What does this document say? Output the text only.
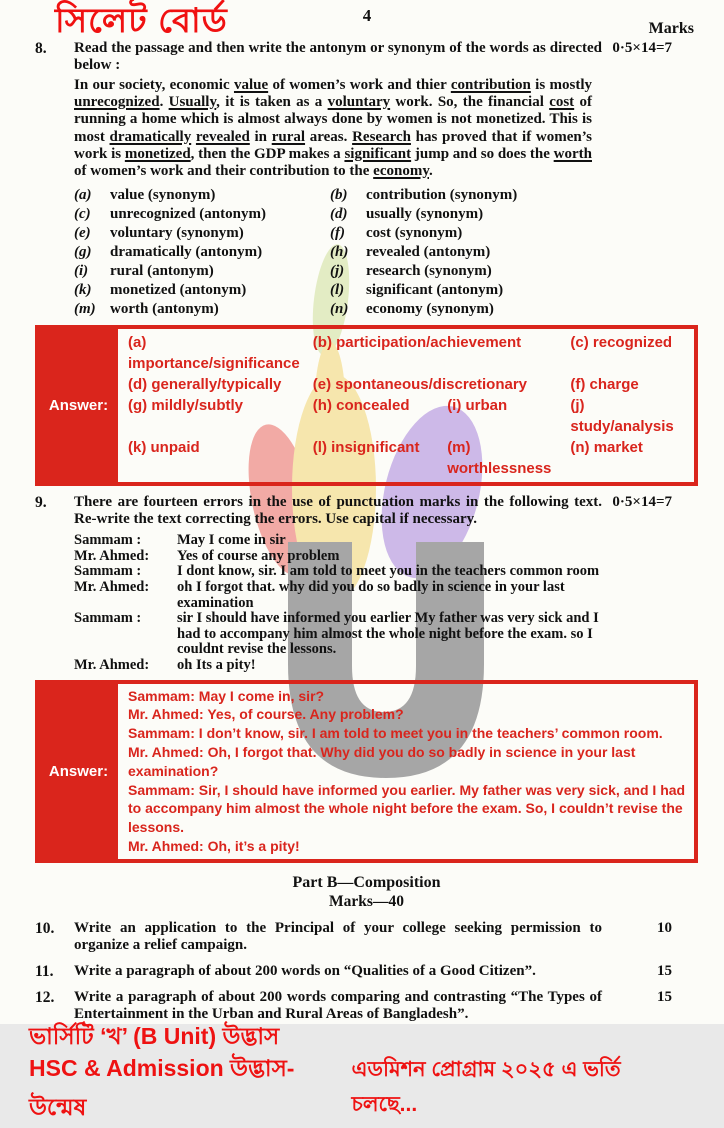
সিলেট বোর্ড	4
Marks
8.	Read the passage and then write the antonym or synonym of the words as directed below :
0·5×14=7
In our society, economic value of women’s work and thier contribution is mostly unrecognized. Usually, it is taken as a voluntary work. So, the financial cost of running a home which is almost always done by women is not monetized. This is most dramatically revealed in rural areas. Research has proved that if women’s work is monetized, then the GDP makes a significant jump and so does the worth of women’s work and their contribution to the economy.
(a)	value (synonym)	(b)	contribution (synonym)
(c)	unrecognized (antonym)	(d)	usually (synonym)
(e)	voluntary (synonym)	(f)	cost (synonym)
(g)	dramatically (antonym)	(h)	revealed (antonym)
(i)	rural (antonym)	(j)	research (synonym)
(k)	monetized (antonym)	(l)	significant (antonym)
(m) worth (antonym)	(n)	economy (synonym)
Answer:
(a) importance/significance
(b) participation/achievement	(c) recognized
(d) generally/typically	(e) spontaneous/discretionary	(f) charge
(g) mildly/subtly	(h) concealed	(i) urban	(j) study/analysis
(k) unpaid	(l) insignificant	(m) worthlessness
(n) market
9.	There are fourteen errors in the use of punctuation marks in the following text. Re-write the text correcting the errors. Use capital if necessary.
0·5×14=7
Sammam :	May I come in sir
Mr. Ahmed:	Yes of course any problem
Sammam :	I dont know, sir. I am told to meet you in the teachers common room
Mr. Ahmed:	oh I forgot that. why did you do so badly in science in your last examination
Sammam :	sir I should have informed you earlier My father was very sick and I had to accompany him almost the whole night before the exam. so I couldnt revise the lessons.
Mr. Ahmed:	oh Its a pity!
Answer:
Sammam: May I come in, sir?
Mr. Ahmed: Yes, of course. Any problem?
Sammam: I don’t know, sir. I am told to meet you in the teachers’ common room.
Mr. Ahmed: Oh, I forgot that. Why did you do so badly in science in your last examination?
Sammam: Sir, I should have informed you earlier. My father was very sick, and I had to accompany him almost the whole night before the exam. So, I couldn’t revise the lessons.
Mr. Ahmed: Oh, it’s a pity!
Part B—Composition
Marks—40
10.	Write an application to the Principal of your college seeking permission to organize a relief campaign.
10
11.	Write a paragraph of about 200 words on “Qualities of a Good Citizen”.	15
12.	Write a paragraph of about 200 words comparing and contrasting “The Types of Entertainment in the Urban and Rural Areas of Bangladesh”.
15
ভার্সিটি ‘খ’ (B Unit) উদ্ভাস
HSC & Admission উদ্ভাস-উন্মেষ
এডমিশন প্রোগ্রাম ২০২৫ এ ভর্তি চলছে...
